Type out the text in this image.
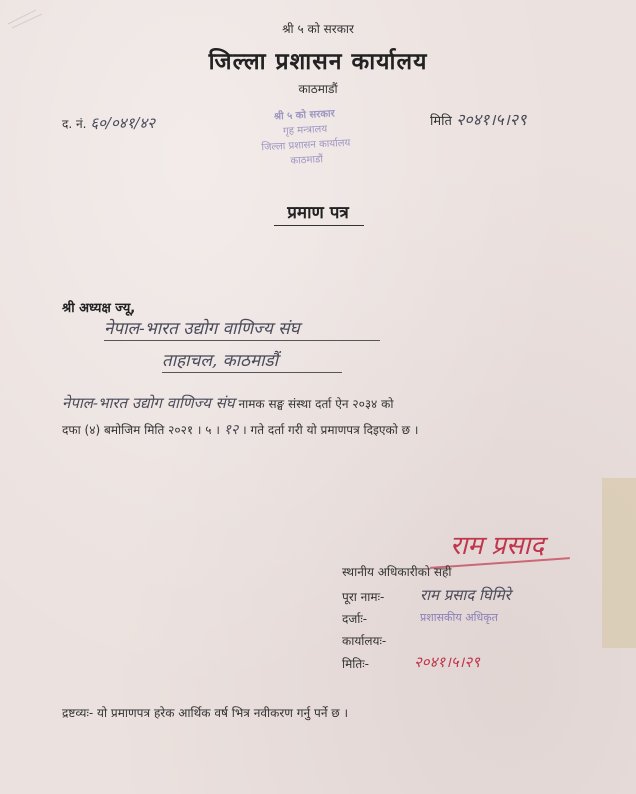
श्री ५ को सरकार
जिल्ला प्रशासन कार्यालय
काठमाडौं
द. नं. ६०/०४१/४२	मिति २०४१।५।२९
श्री ५ को सरकार
गृह मन्त्रालय
जिल्ला प्रशासन कार्यालय
काठमाडौं
प्रमाण पत्र
श्री अध्यक्ष ज्यू,
नेपाल-भारत उद्योग वाणिज्य संघ
ताहाचल, काठमाडौं
नेपाल-भारत उद्योग वाणिज्य संघ नामक सङ्घ संस्था दर्ता ऐन २०३४ को
दफा (४) बमोजिम मिति २०२१ । ५ । १२ । गते दर्ता गरी यो प्रमाणपत्र दिइएको छ ।
राम प्रसाद
स्थानीय अधिकारीको सही
पूरा नामः- राम प्रसाद घिमिरे
दर्जाः-	प्रशासकीय अधिकृत
कार्यालयः-
मितिः-	२०४१।५।२९
द्रष्टव्यः- यो प्रमाणपत्र हरेक आर्थिक वर्ष भित्र नवीकरण गर्नु पर्ने छ ।
